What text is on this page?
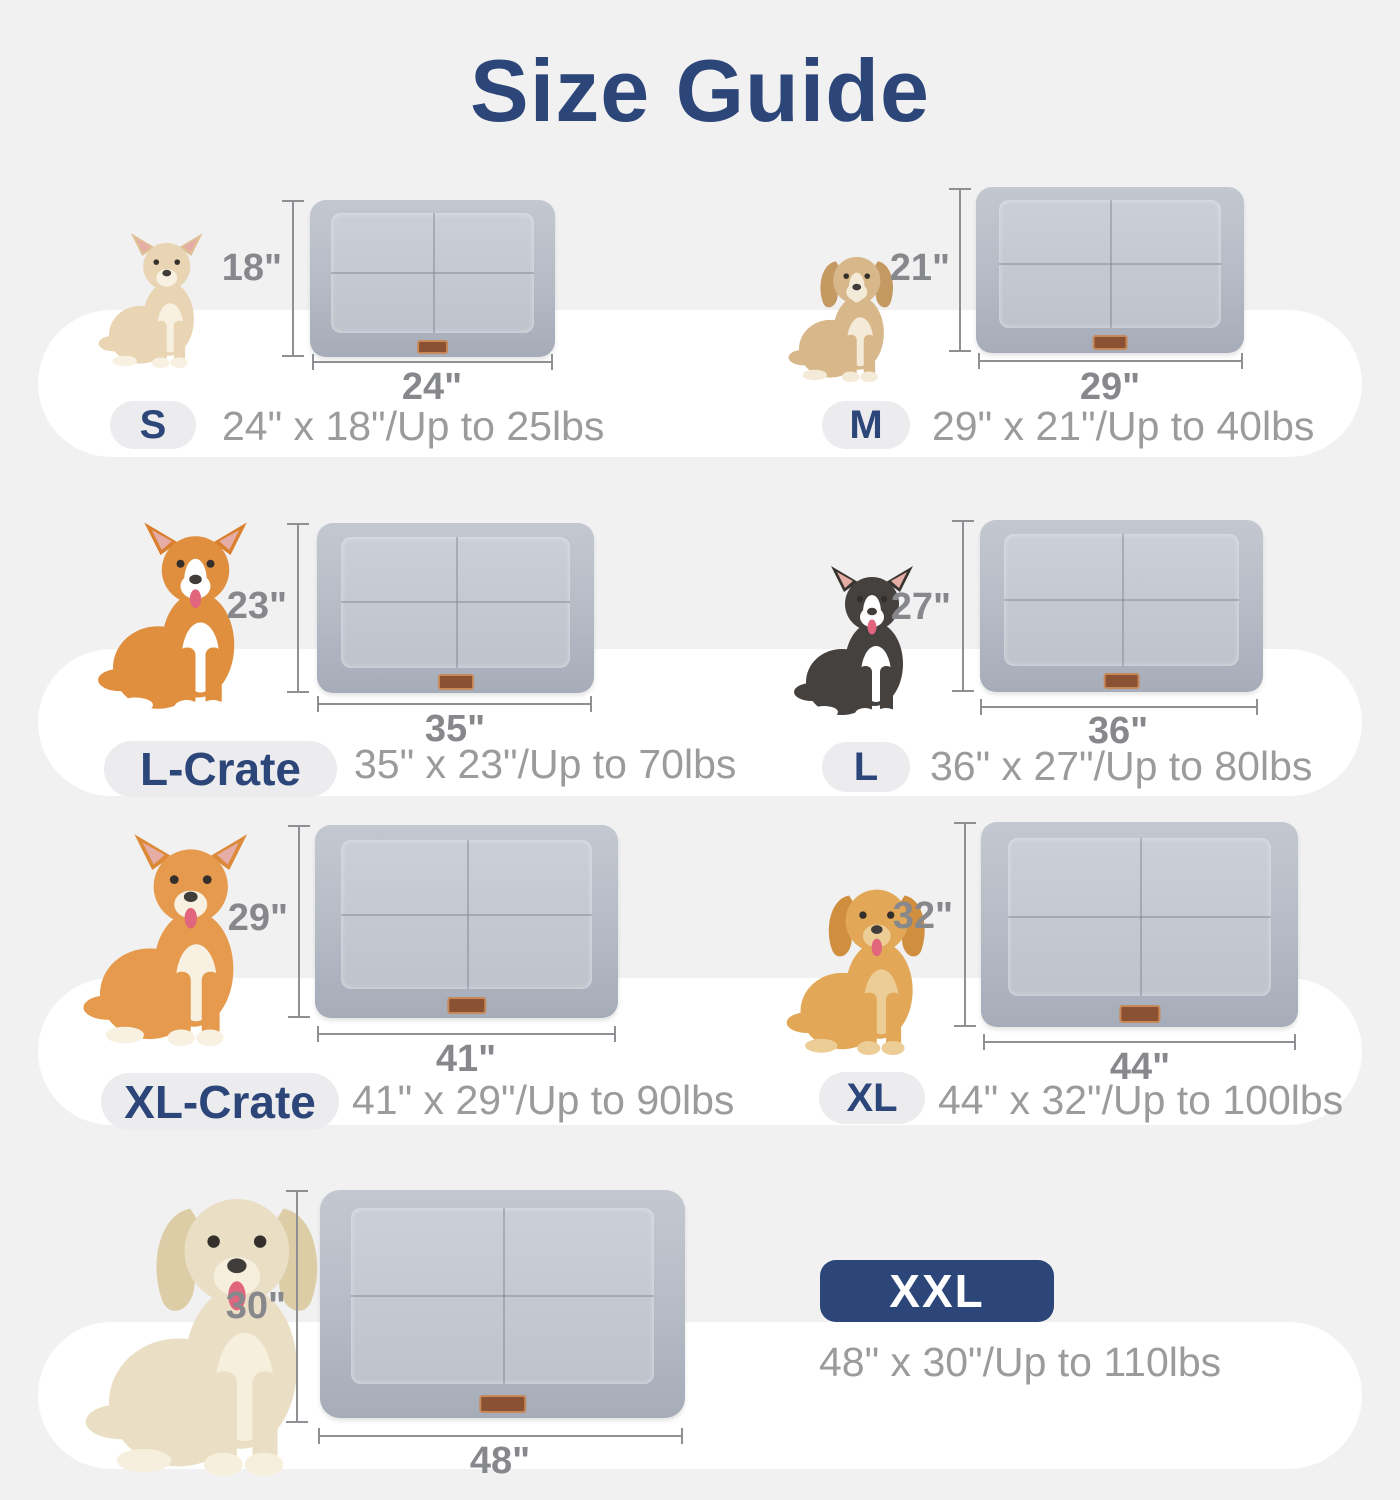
Size Guide
18"
24"
S	24" x 18"/Up to 25lbs
21"
29"
M	29" x 21"/Up to 40lbs
23"
35"
L-Crate	35" x 23"/Up to 70lbs
27"
36"
L	36" x 27"/Up to 80lbs
29"
41"
XL-Crate 41" x 29"/Up to 90lbs
32"
44"
XL 44" x 32"/Up to 100lbs
30"
48"
XXL
48" x 30"/Up to 110lbs
